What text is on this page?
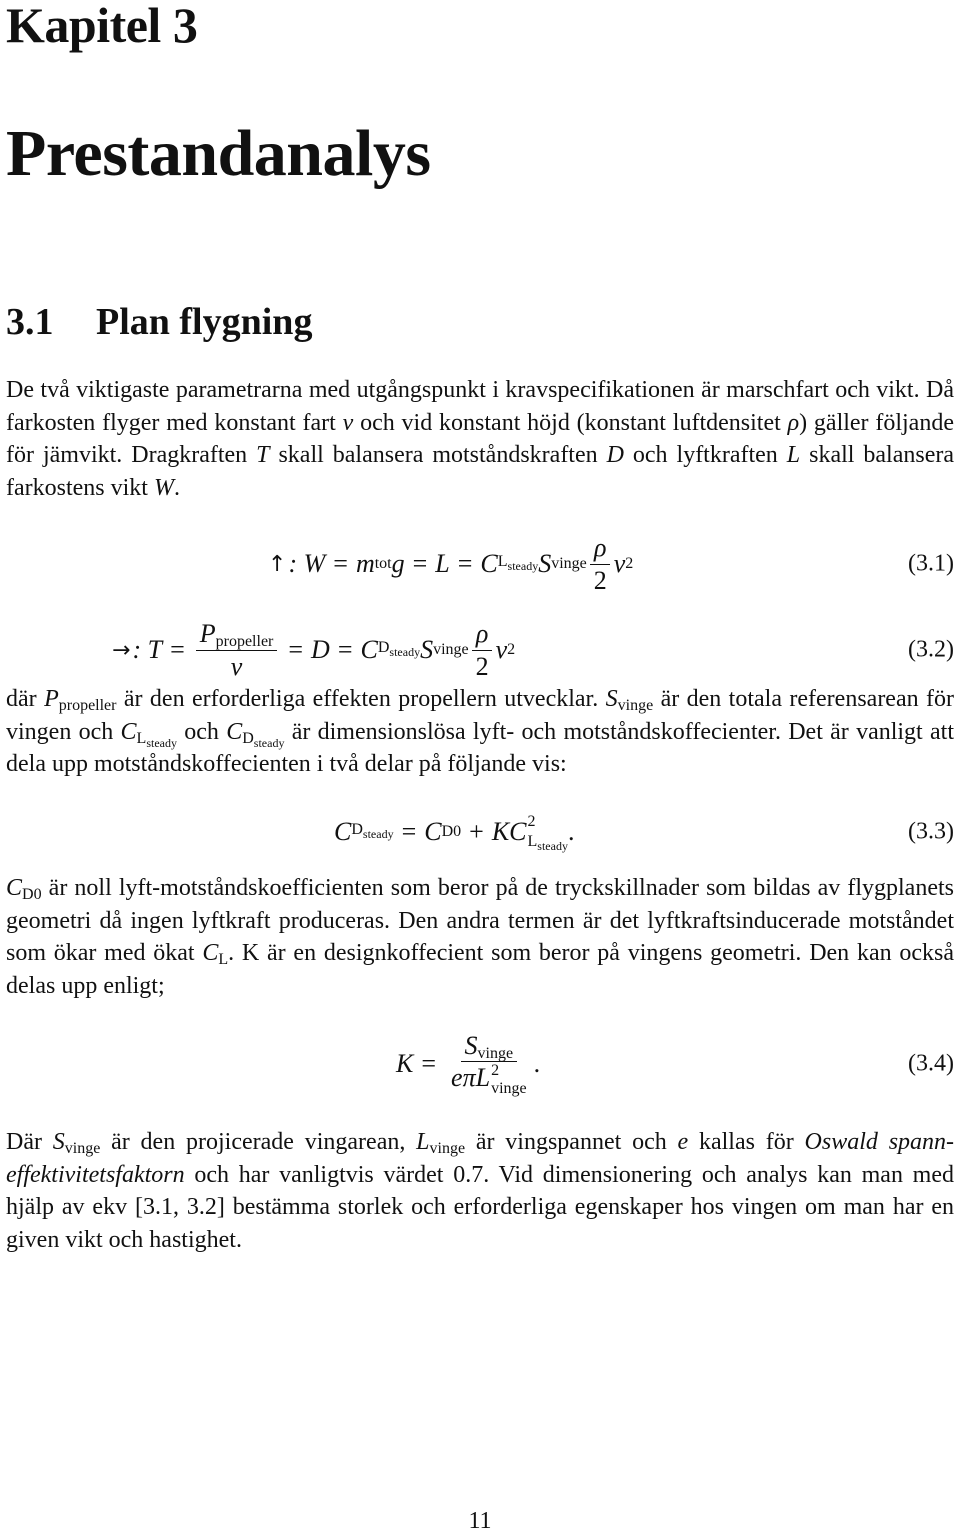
Kapitel 3
Prestandanalys
3.1 Plan flygning

De två viktigaste parametrarna med utgångspunkt i kravspecifikationen är marschfart och vikt. Då farkosten flyger med konstant fart v och vid konstant höjd (konstant luftdensitet ρ) gäller följande för jämvikt. Dragkraften T skall balansera motståndskraften D och lyftkraften L skall balansera farkostens vikt W.

↑ : W = m tot g = L = C $L_{steady}$ S vinge $\frac{\rho}{2}$ v 2	(3.1)
→ : $T = \frac{P_{propeller}}{v} = D = C$ $D_{steady}$ S vinge $\frac{\rho}{2}$ v 2	(3.2)

där $P_{propeller}$ är den erforderliga effekten propellern utvecklar. $S_{vinge}$ är den totala referensarean för vingen och $C_{L_{steady}}$ och $C_{D_{steady}}$ är dimensionslösa lyft- och motståndskoffecienter. Det är vanligt att dela upp motståndskoffecienten i två delar på följande vis:

C $D_{steady} = C$ D0 + K C 2
$L_{steady}$ .	(3.3)

$C_{D0}$ är noll lyft-motståndskoefficienten som beror på de tryckskillnader som bildas av flygplanets geometri då ingen lyftkraft produceras. Den andra termen är det lyftkraftsinducerade motståndet som ökar med ökat $C_L$. K är en designkoffecient som beror på vingens geometri. Den kan också delas upp enligt;

$K = S_{vinge}$
eπL 2
vinge .	(3.4)

Där $S_{vinge}$ är den projicerade vingarean, $L_{vinge}$ är vingspannet och e kallas för Oswald spann-effektivitetsfaktorn och har vanligtvis värdet 0.7. Vid dimensionering och analys kan man med hjälp av ekv [3.1, 3.2] bestämma storlek och erforderliga egenskaper hos vingen om man har en given vikt och hastighet.

11
